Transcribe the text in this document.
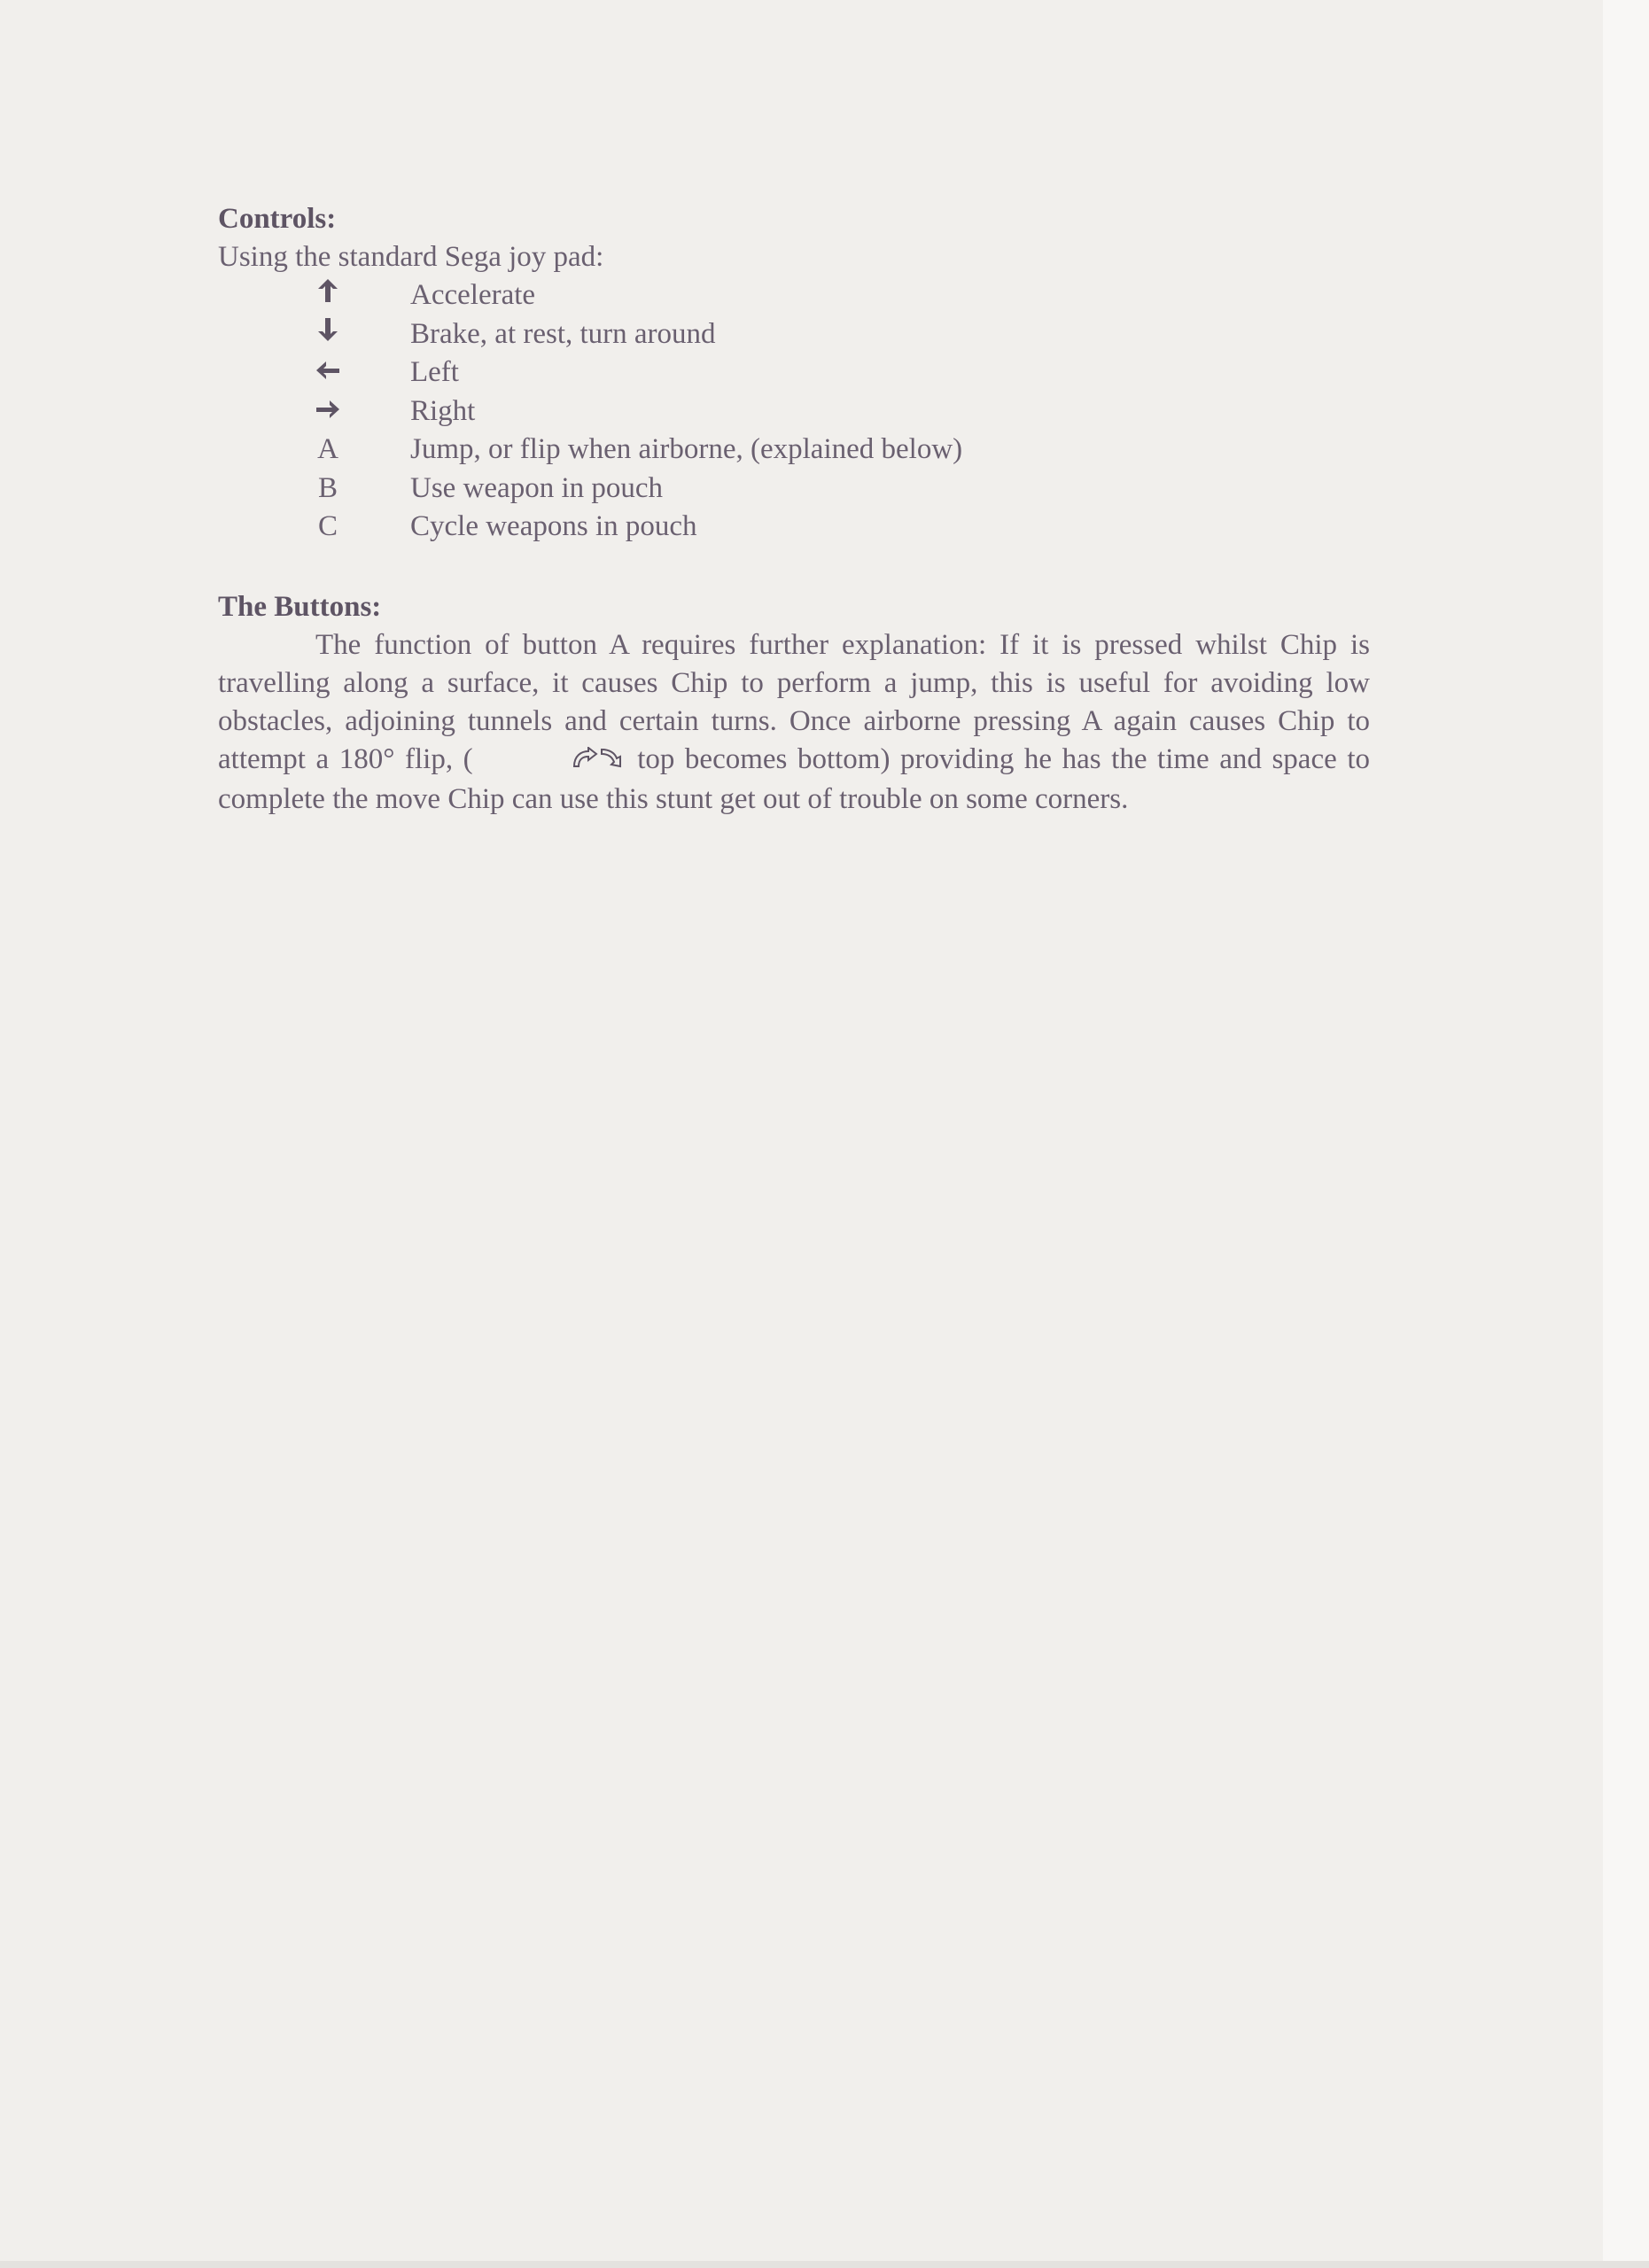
Controls:
Using the standard Sega joy pad:
	Accelerate

	Brake, at rest, turn around

	Left

	Right
A	Jump, or flip when airborne, (explained below)
B	Use weapon in pouch
C	Cycle weapons in pouch
The Buttons:

The function of button A requires further explanation: If it is pressed whilst Chip is travelling along a surface, it causes Chip to perform a jump, this is useful for avoiding low obstacles, adjoining tunnels and certain turns. Once airborne pressing A again causes Chip to attempt a 180° flip, (	top becomes bottom) providing he has the time and space to complete the move Chip can use this stunt get out of trouble on some corners.
